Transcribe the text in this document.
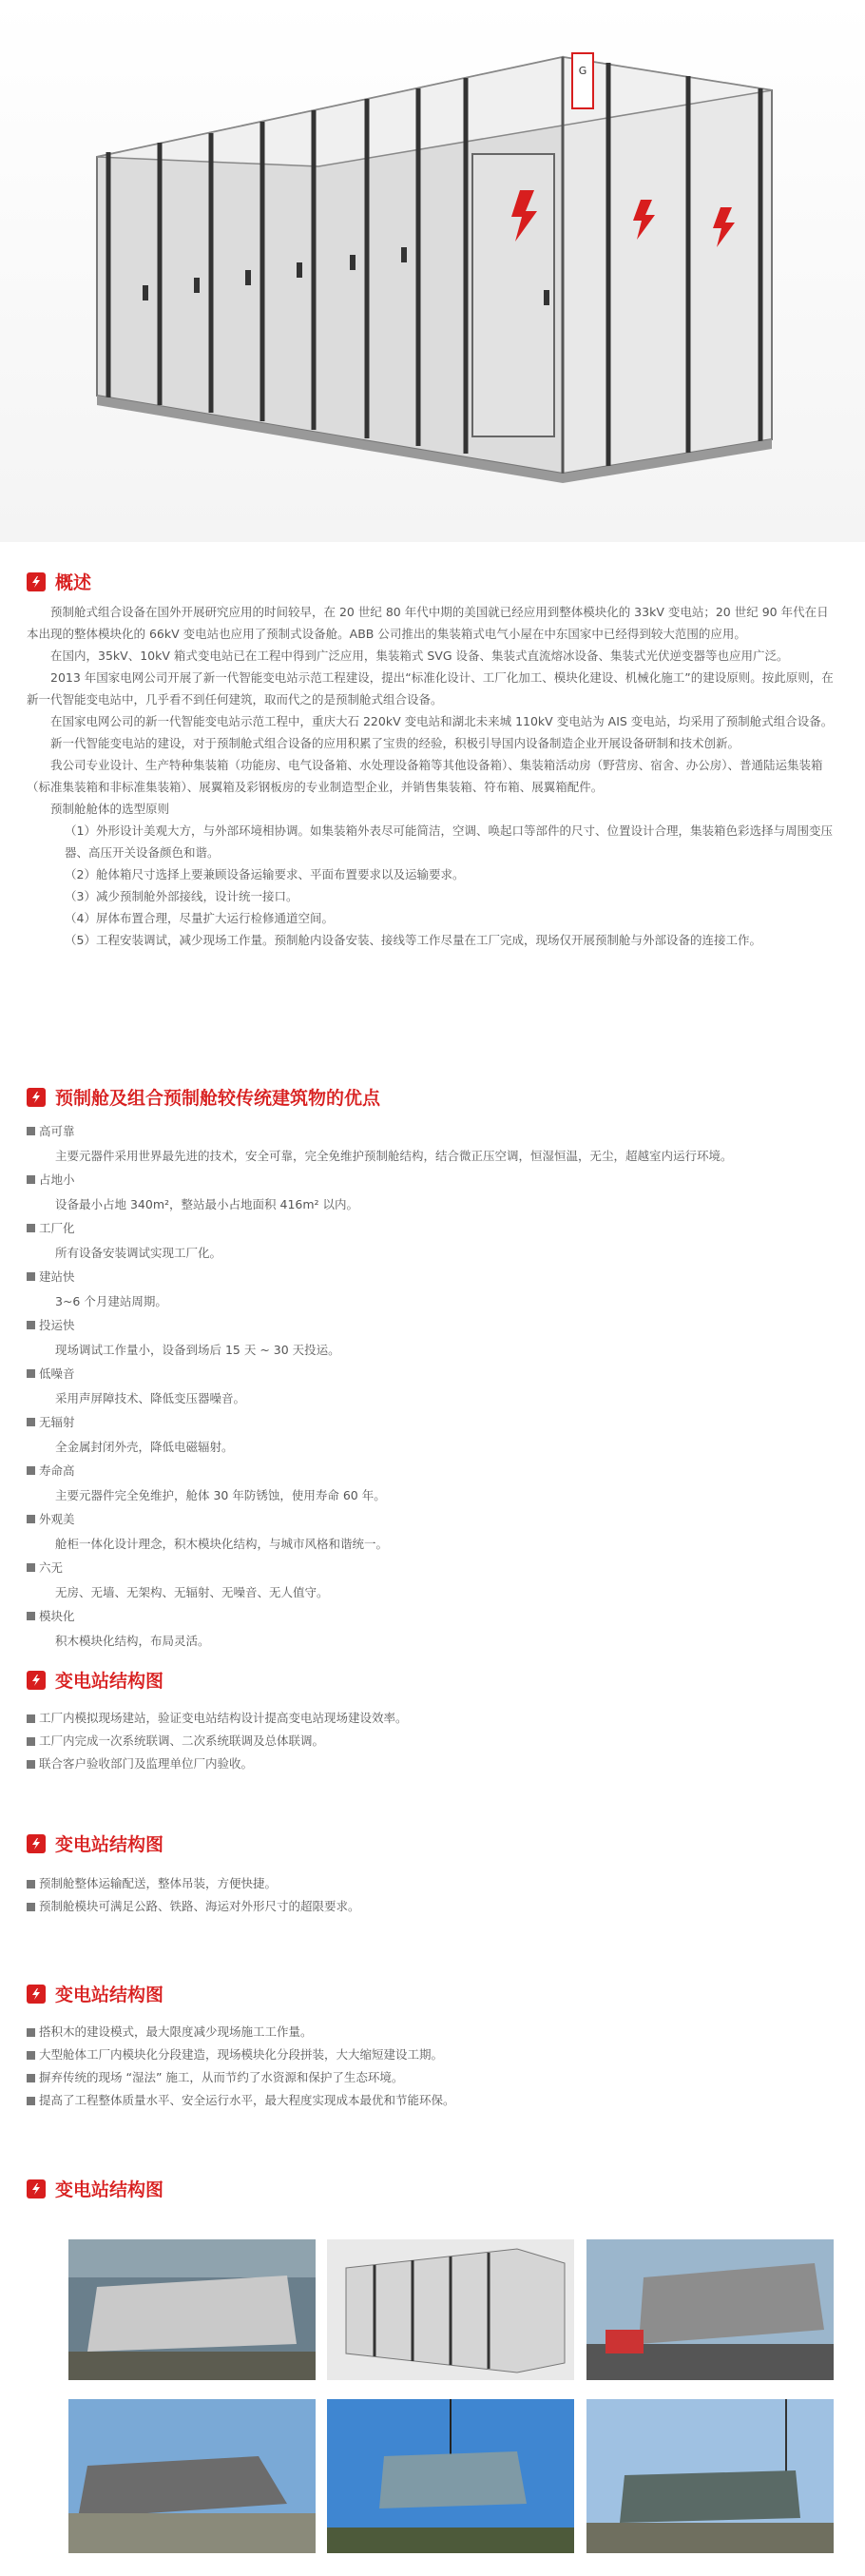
G
概述

预制舱式组合设备在国外开展研究应用的时间较早，在 20 世纪 80 年代中期的美国就已经应用到整体模块化的 33kV 变电站；20 世纪 90 年代在日本出现的整体模块化的 66kV 变电站也应用了预制式设备舱。ABB 公司推出的集装箱式电气小屋在中东国家中已经得到较大范围的应用。

在国内，35kV、10kV 箱式变电站已在工程中得到广泛应用，集装箱式 SVG 设备、集装式直流熔冰设备、集装式光伏逆变器等也应用广泛。

2013 年国家电网公司开展了新一代智能变电站示范工程建设，提出“标准化设计、工厂化加工、模块化建设、机械化施工”的建设原则。按此原则，在新一代智能变电站中，几乎看不到任何建筑，取而代之的是预制舱式组合设备。

在国家电网公司的新一代智能变电站示范工程中，重庆大石 220kV 变电站和湖北未来城 110kV 变电站为 AIS 变电站，均采用了预制舱式组合设备。

新一代智能变电站的建设，对于预制舱式组合设备的应用积累了宝贵的经验，积极引导国内设备制造企业开展设备研制和技术创新。

我公司专业设计、生产特种集装箱（功能房、电气设备箱、水处理设备箱等其他设备箱）、集装箱活动房（野营房、宿舍、办公房）、普通陆运集装箱（标准集装箱和非标准集装箱）、展翼箱及彩钢板房的专业制造型企业，并销售集装箱、符布箱、展翼箱配件。

预制舱舱体的选型原则

（1）外形设计美观大方，与外部环境相协调。如集装箱外表尽可能简洁，空调、唤起口等部件的尺寸、位置设计合理，集装箱色彩选择与周围变压器、高压开关设备颜色和谐。

（2）舱体箱尺寸选择上要兼顾设备运输要求、平面布置要求以及运输要求。

（3）减少预制舱外部接线，设计统一接口。

（4）屏体布置合理，尽量扩大运行检修通道空间。

（5）工程安装调试，减少现场工作量。预制舱内设备安装、接线等工作尽量在工厂完成，现场仅开展预制舱与外部设备的连接工作。

预制舱及组合预制舱较传统建筑物的优点
高可靠
主要元器件采用世界最先进的技术，安全可靠，完全免维护预制舱结构，结合微正压空调，恒湿恒温，无尘，超越室内运行环境。
占地小
设备最小占地 340m²，整站最小占地面积 416m² 以内。
工厂化
所有设备安装调试实现工厂化。
建站快
3~6 个月建站周期。
投运快
现场调试工作量小，设备到场后 15 天 ~ 30 天投运。
低噪音
采用声屏障技术、降低变压器噪音。
无辐射
全金属封闭外壳，降低电磁辐射。
寿命高
主要元器件完全免维护，舱体 30 年防锈蚀，使用寿命 60 年。
外观美
舱柜一体化设计理念，积木模块化结构，与城市风格和谐统一。
六无
无房、无墙、无架构、无辐射、无噪音、无人值守。
模块化
积木模块化结构，布局灵活。
变电站结构图
工厂内模拟现场建站，验证变电站结构设计提高变电站现场建设效率。
工厂内完成一次系统联调、二次系统联调及总体联调。
联合客户验收部门及监理单位厂内验收。
变电站结构图
预制舱整体运输配送，整体吊装，方便快捷。
预制舱模块可满足公路、铁路、海运对外形尺寸的超限要求。
变电站结构图
搭积木的建设模式，最大限度减少现场施工工作量。
大型舱体工厂内模块化分段建造，现场模块化分段拼装，大大缩短建设工期。
摒弃传统的现场 “湿法” 施工，从而节约了水资源和保护了生态环境。
提高了工程整体质量水平、安全运行水平，最大程度实现成本最优和节能环保。
变电站结构图
